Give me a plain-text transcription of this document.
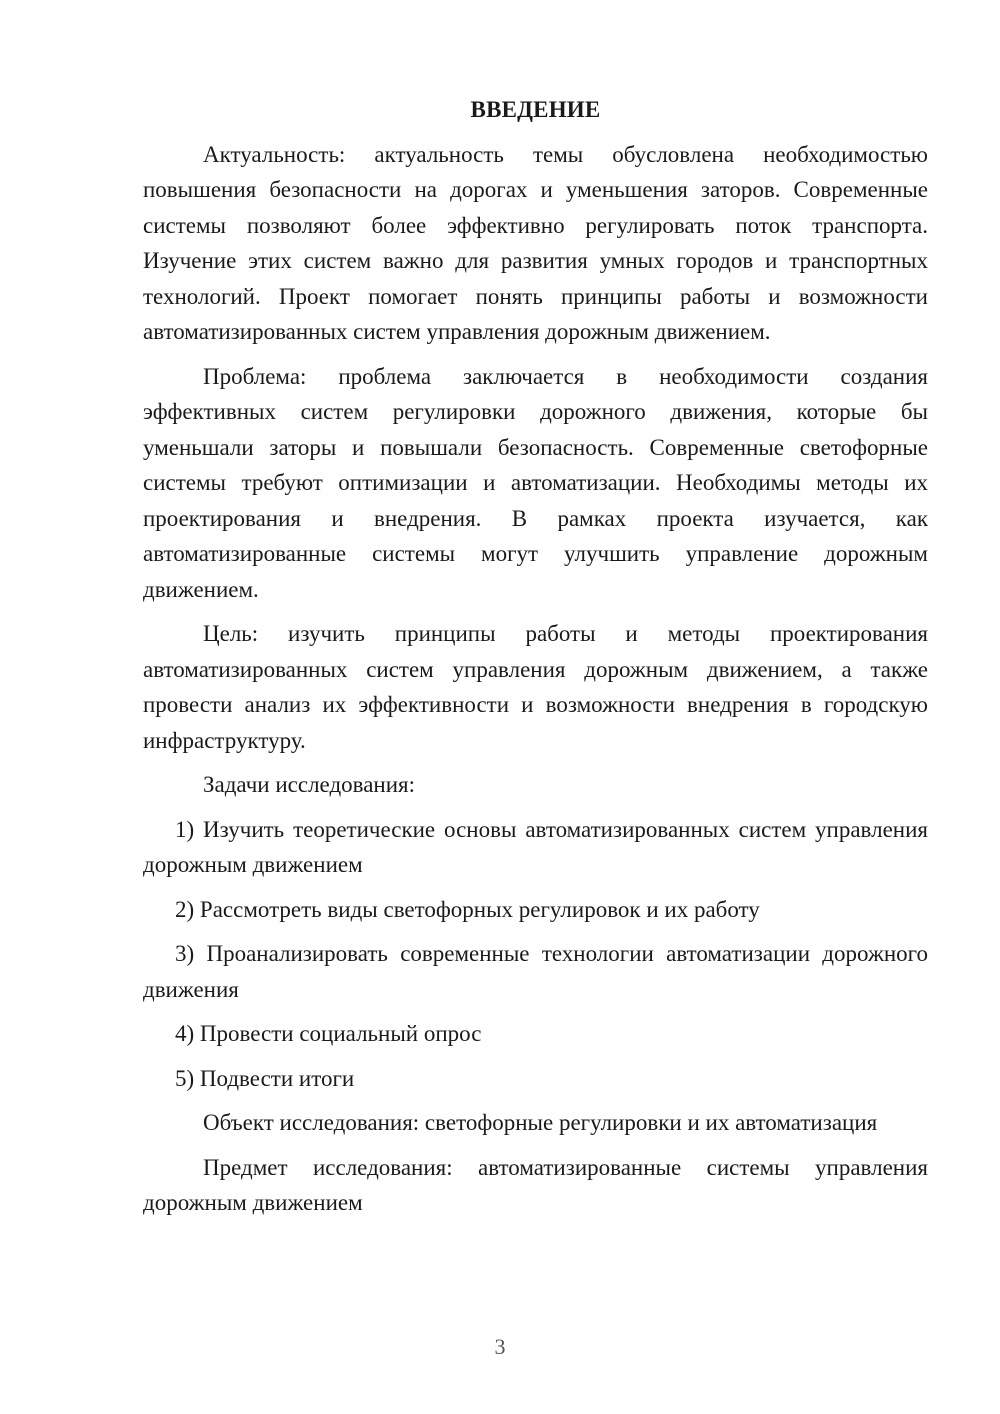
ВВЕДЕНИЕ

Актуальность: актуальность темы обусловлена необходимостью повышения безопасности на дорогах и уменьшения заторов. Современные системы позволяют более эффективно регулировать поток транспорта. Изучение этих систем важно для развития умных городов и транспортных технологий. Проект помогает понять принципы работы и возможности автоматизированных систем управления дорожным движением.

Проблема: проблема заключается в необходимости создания эффективных систем регулировки дорожного движения, которые бы уменьшали заторы и повышали безопасность. Современные светофорные системы требуют оптимизации и автоматизации. Необходимы методы их проектирования и внедрения. В рамках проекта изучается, как автоматизированные системы могут улучшить управление дорожным движением.

Цель: изучить принципы работы и методы проектирования автоматизированных систем управления дорожным движением, а также провести анализ их эффективности и возможности внедрения в городскую инфраструктуру.

Задачи исследования:

1) Изучить теоретические основы автоматизированных систем управления дорожным движением

2) Рассмотреть виды светофорных регулировок и их работу

3) Проанализировать современные технологии автоматизации дорожного движения

4) Провести социальный опрос

5) Подвести итоги

Объект исследования: светофорные регулировки и их автоматизация

Предмет исследования: автоматизированные системы управления дорожным движением

3
